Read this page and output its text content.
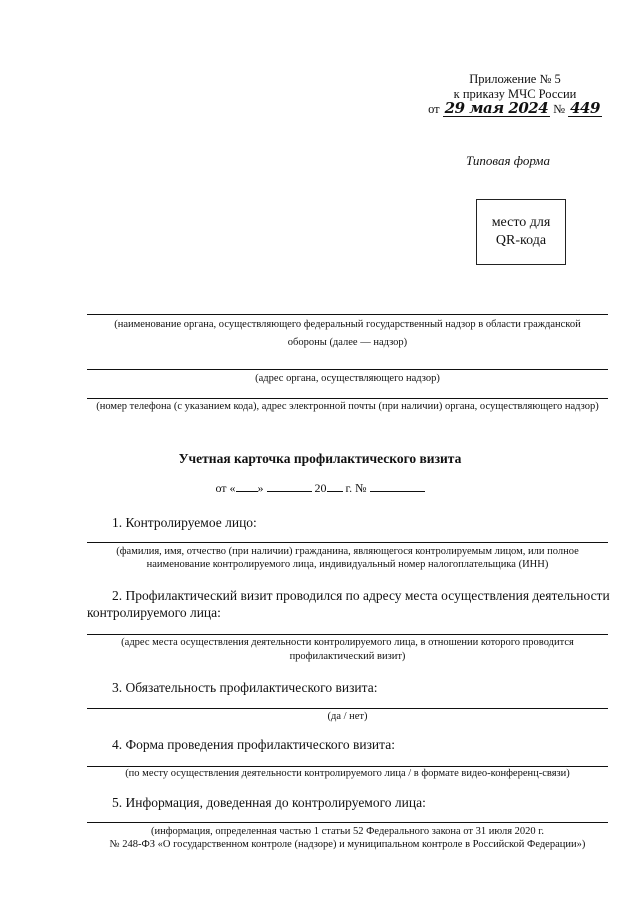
Приложение № 5
к приказу МЧС России
от 29 мая 2024 № 449
Типовая форма
место для
QR-кода
(наименование органа, осуществляющего федеральный государственный надзор в области гражданской
обороны (далее — надзор)
(адрес органа, осуществляющего надзор)
(номер телефона (с указанием кода), адрес электронной почты (при наличии) органа, осуществляющего надзор)
Учетная карточка профилактического визита
от « »	20 г. №
1. Контролируемое лицо:
(фамилия, имя, отчество (при наличии) гражданина, являющегося контролируемым лицом, или полное
наименование контролируемого лица, индивидуальный номер налогоплательщика (ИНН)
2. Профилактический визит проводился по адресу места осуществления деятельности
контролируемого лица:
(адрес места осуществления деятельности контролируемого лица, в отношении которого проводится
профилактический визит)
3. Обязательность профилактического визита:
(да / нет)
4. Форма проведения профилактического визита:
(по месту осуществления деятельности контролируемого лица / в формате видео-конференц-связи)
5. Информация, доведенная до контролируемого лица:
(информация, определенная частью 1 статьи 52 Федерального закона от 31 июля 2020 г.
№ 248-ФЗ «О государственном контроле (надзоре) и муниципальном контроле в Российской Федерации»)
